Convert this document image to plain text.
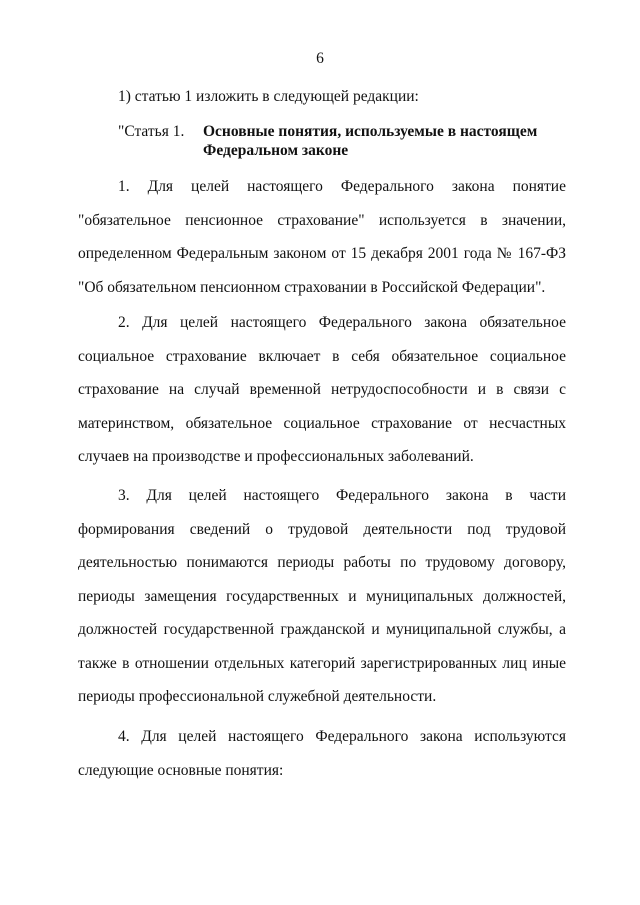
6
1) статью 1 изложить в следующей редакции:
"Статья 1. Основные понятия, используемые в настоящем Федеральном законе

1. Для целей настоящего Федерального закона понятие "обязательное пенсионное страхование" используется в значении, определенном Федеральным законом от 15 декабря 2001 года № 167-ФЗ "Об обязательном пенсионном страховании в Российской Федерации".

2. Для целей настоящего Федерального закона обязательное социальное страхование включает в себя обязательное социальное страхование на случай временной нетрудоспособности и в связи с материнством, обязательное социальное страхование от несчастных случаев на производстве и профессиональных заболеваний.

3. Для целей настоящего Федерального закона в части формирования сведений о трудовой деятельности под трудовой деятельностью понимаются периоды работы по трудовому договору, периоды замещения государственных и муниципальных должностей, должностей государственной гражданской и муниципальной службы, а также в отношении отдельных категорий зарегистрированных лиц иные периоды профессиональной служебной деятельности.

4. Для целей настоящего Федерального закона используются следующие основные понятия:
